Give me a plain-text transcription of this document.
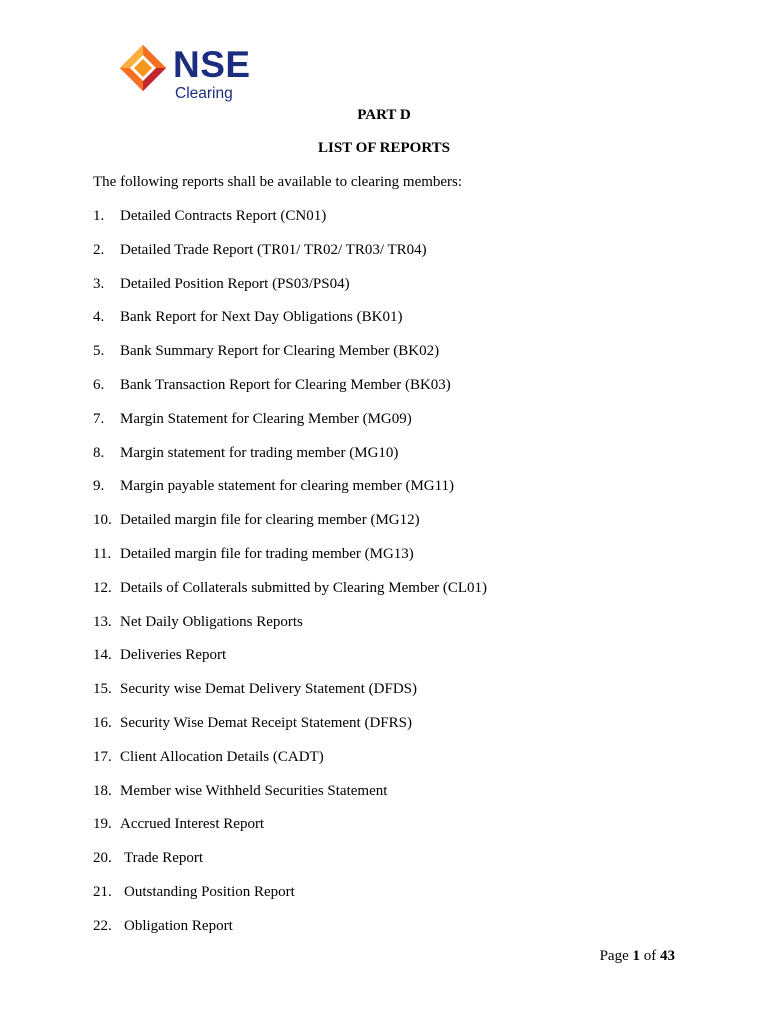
NSE
Clearing
PART D
LIST OF REPORTS
The following reports shall be available to clearing members:
1. Detailed Contracts Report (CN01)
2. Detailed Trade Report (TR01/ TR02/ TR03/ TR04)
3. Detailed Position Report (PS03/PS04)
4. Bank Report for Next Day Obligations (BK01)
5. Bank Summary Report for Clearing Member (BK02)
6. Bank Transaction Report for Clearing Member (BK03)
7. Margin Statement for Clearing Member (MG09)
8. Margin statement for trading member (MG10)
9. Margin payable statement for clearing member (MG11)
10. Detailed margin file for clearing member (MG12)
11. Detailed margin file for trading member (MG13)
12. Details of Collaterals submitted by Clearing Member (CL01)
13. Net Daily Obligations Reports
14. Deliveries Report
15. Security wise Demat Delivery Statement (DFDS)
16. Security Wise Demat Receipt Statement (DFRS)
17. Client Allocation Details (CADT)
18. Member wise Withheld Securities Statement
19. Accrued Interest Report
20. Trade Report
21. Outstanding Position Report
22. Obligation Report
Page 1 of 43
